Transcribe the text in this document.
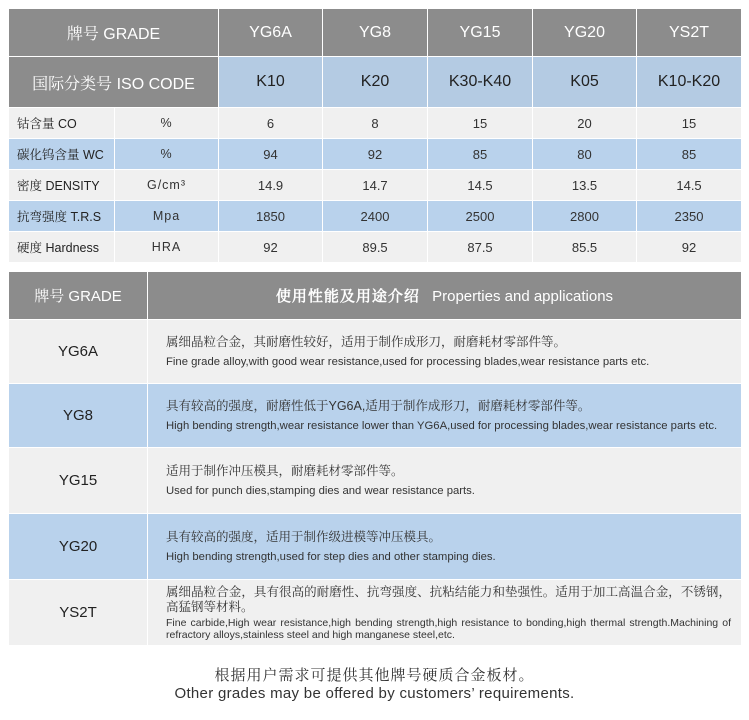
牌号 GRADE		YG6A	YG8	YG15	YG20	YS2T
国际分类号 ISO CODE		K10	K20	K30-K40	K05	K10-K20
钴含量 CO	%	6	8	15	20	15
碳化钨含量 WC	%	94	92	85	80	85
密度 DENSITY	G/cm³	14.9	14.7	14.5	13.5	14.5
抗弯强度 T.R.S	Mpa	1850	2400	2500	2800	2350
硬度 Hardness	HRA	92	89.5	87.5	85.5	92
牌号 GRADE	使用性能及用途介绍 Properties and applications
YG6A	属细晶粒合金，其耐磨性较好，适用于制作成形刀，耐磨耗材零部件等。
Fine grade alloy,with good wear resistance,used for processing blades,wear resistance parts etc.

YG8	具有较高的强度，耐磨性低于YG6A,适用于制作成形刀，耐磨耗材零部件等。
High bending strength,wear resistance lower than YG6A,used for processing blades,wear resistance parts etc.

YG15	适用于制作冲压模具，耐磨耗材零部件等。
Used for punch dies,stamping dies and wear resistance parts.

YG20	具有较高的强度，适用于制作级进模等冲压模具。
High bending strength,used for step dies and other stamping dies.

YS2T	属细晶粒合金，具有很高的耐磨性、抗弯强度、抗粘结能力和垫强性。适用于加工高温合金，不锈钢，高猛钢等材料。
Fine carbide,High wear resistance,high bending strength,high resistance to bonding,high thermal strength.Machining of refractory alloys,stainless steel and high manganese steel,etc.
根据用户需求可提供其他牌号硬质合金板材。
Other grades may be offered by customers’ requirements.
